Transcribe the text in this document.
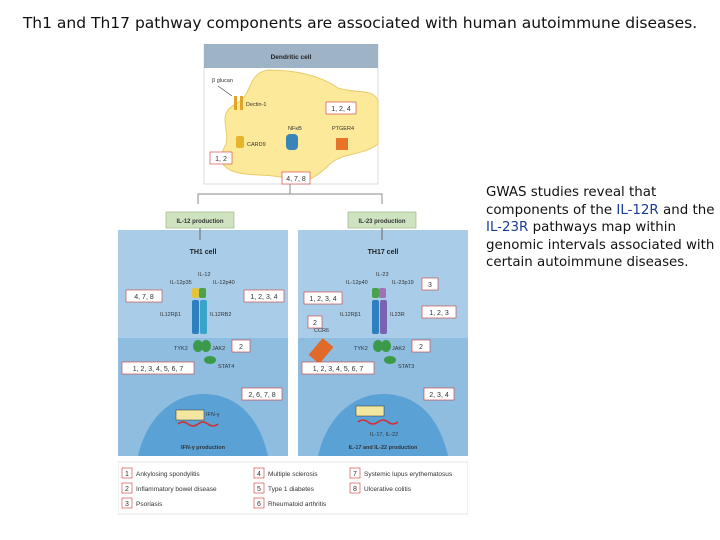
Th1 and Th17 pathway components are associated with human autoimmune diseases.
GWAS studies reveal that components of the IL-12R and the IL-23R pathways map within genomic intervals associated with certain autoimmune diseases.
Dendritic cell
β glucan
Dectin-1
CARD9
NFκB	PTGER4
1, 2, 4
1, 2
4, 7, 8
IL-12 production
TH1 cell
IL-12
IL-12p35	IL-12p40
IL12Rβ1	IL12RB2
TYK2	JAK2
STAT4
4, 7, 8	1, 2, 3, 4
2
1, 2, 3, 4, 5, 6, 7
2, 6, 7, 8
IFN-γ
IFN-γ production
IL-23 production
TH17 cell
IL-23
IL-12p40	IL-23p19
IL12Rβ1	IL23R
CCR6
TYK2	JAK2
STAT3
3
1, 2, 3, 4
1, 2, 3
2
2
1, 2, 3, 4, 5, 6, 7
2, 3, 4
IL-17, IL-22
IL-17 and IL-22 production
1 Ankylosing spondylitis
2 Inflammatory bowel disease
3 Psoriasis
4 Multiple sclerosis
5 Type 1 diabetes
6 Rheumatoid arthritis
7 Systemic lupus erythematosus
8 Ulcerative colitis
